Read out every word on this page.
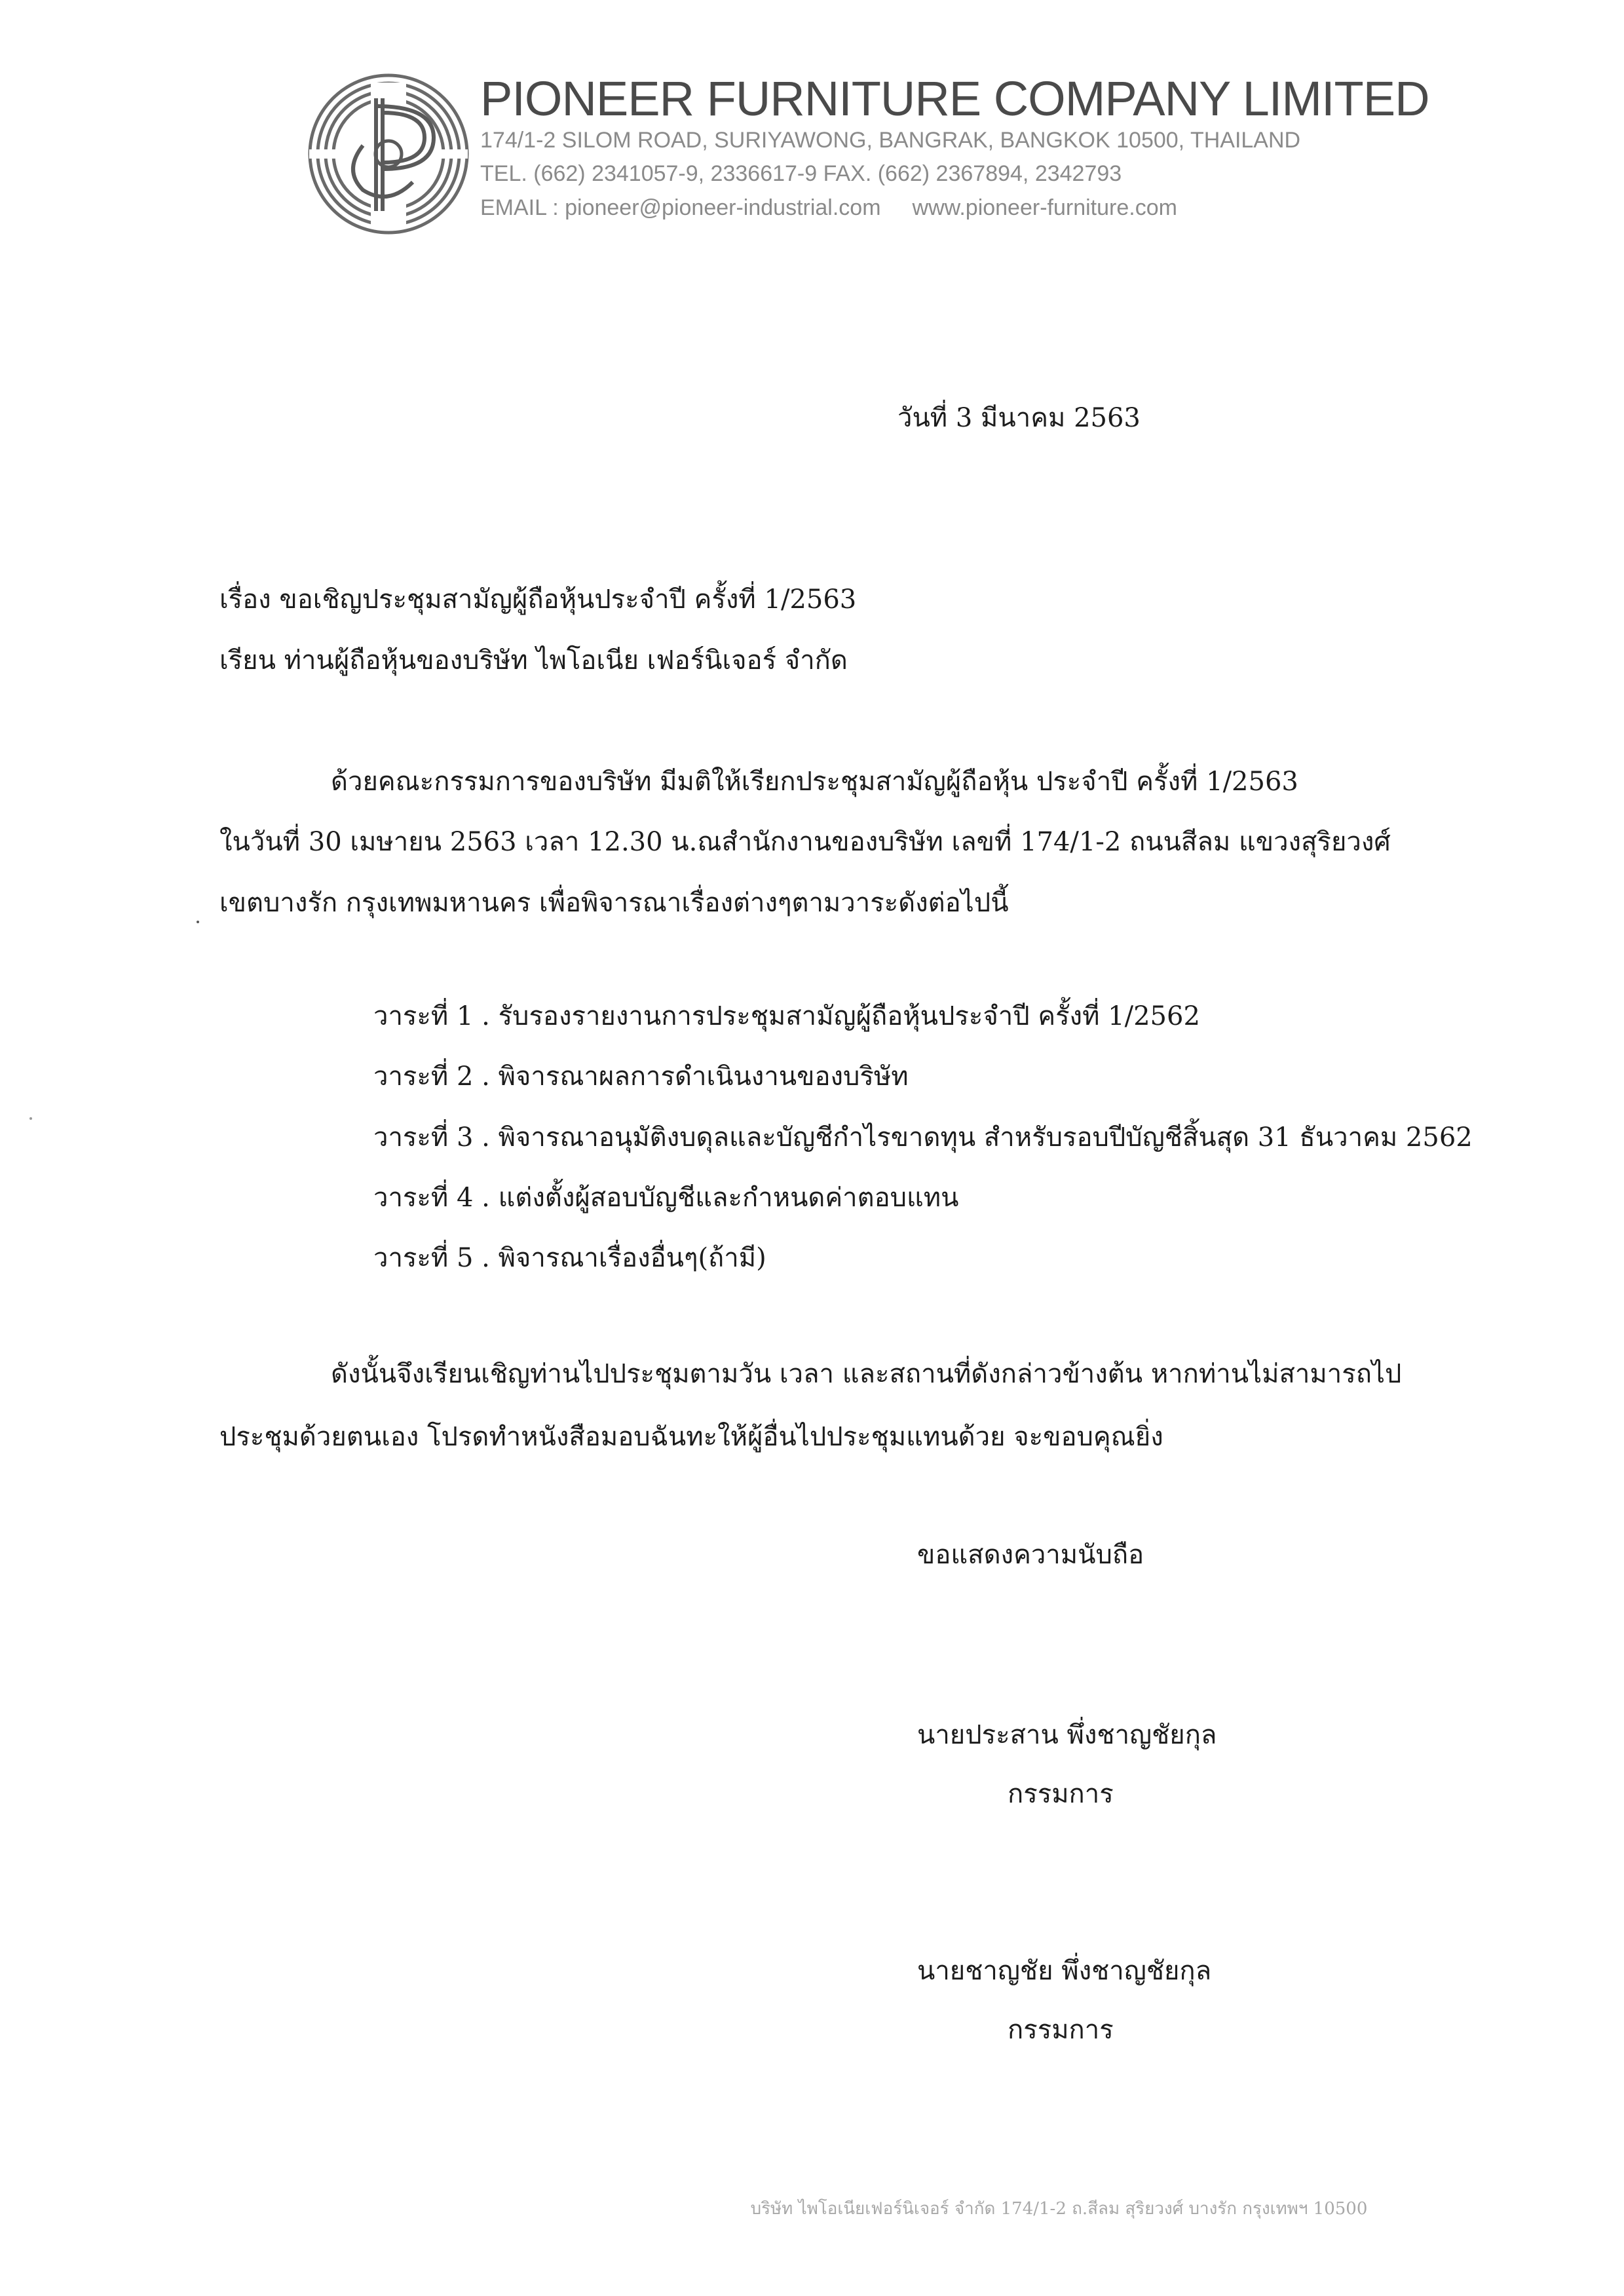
PIONEER FURNITURE COMPANY LIMITED
174/1-2 SILOM ROAD, SURIYAWONG, BANGRAK, BANGKOK 10500, THAILAND
TEL. (662) 2341057-9, 2336617-9 FAX. (662) 2367894, 2342793
EMAIL : pioneer@pioneer-industrial.com www.pioneer-furniture.com
วันที่ 3 มีนาคม 2563
เรื่อง ขอเชิญประชุมสามัญผู้ถือหุ้นประจำปี ครั้งที่ 1/2563
เรียน ท่านผู้ถือหุ้นของบริษัท ไพโอเนีย เฟอร์นิเจอร์ จำกัด
ด้วยคณะกรรมการของบริษัท มีมติให้เรียกประชุมสามัญผู้ถือหุ้น ประจำปี ครั้งที่ 1/2563
ในวันที่ 30 เมษายน 2563 เวลา 12.30 น.ณสำนักงานของบริษัท เลขที่ 174/1-2 ถนนสีลม แขวงสุริยวงศ์
เขตบางรัก กรุงเทพมหานคร เพื่อพิจารณาเรื่องต่างๆตามวาระดังต่อไปนี้
วาระที่ 1 . รับรองรายงานการประชุมสามัญผู้ถือหุ้นประจำปี ครั้งที่ 1/2562
วาระที่ 2 . พิจารณาผลการดำเนินงานของบริษัท
วาระที่ 3 . พิจารณาอนุมัติงบดุลและบัญชีกำไรขาดทุน สำหรับรอบปีบัญชีสิ้นสุด 31 ธันวาคม 2562
วาระที่ 4 . แต่งตั้งผู้สอบบัญชีและกำหนดค่าตอบแทน
วาระที่ 5 . พิจารณาเรื่องอื่นๆ(ถ้ามี)
ดังนั้นจึงเรียนเชิญท่านไปประชุมตามวัน เวลา และสถานที่ดังกล่าวข้างต้น หากท่านไม่สามารถไป
ประชุมด้วยตนเอง โปรดทำหนังสือมอบฉันทะให้ผู้อื่นไปประชุมแทนด้วย จะขอบคุณยิ่ง
ขอแสดงความนับถือ
นายประสาน พึ่งชาญชัยกุล
กรรมการ
นายชาญชัย พึ่งชาญชัยกุล
กรรมการ
บริษัท ไพโอเนียเฟอร์นิเจอร์ จำกัด 174/1-2 ถ.สีลม สุริยวงศ์ บางรัก กรุงเทพฯ 10500
